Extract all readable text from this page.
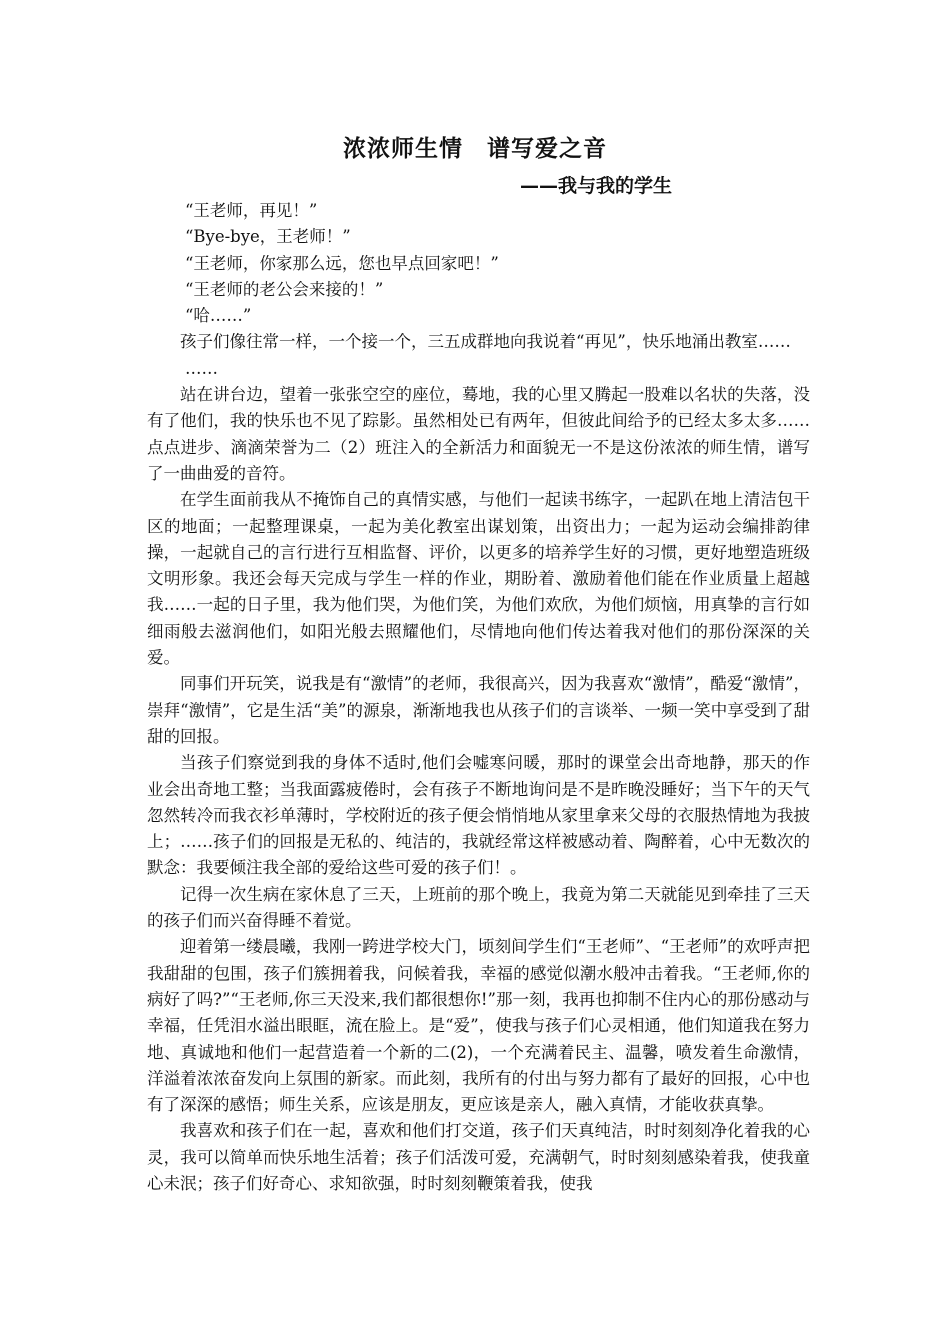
浓浓师生情　谱写爱之音
——我与我的学生

“王老师，再见！”

“Bye-bye，王老师！”

“王老师，你家那么远，您也早点回家吧！”

“王老师的老公会来接的！”

“哈……”

孩子们像往常一样，一个接一个，三五成群地向我说着“再见”，快乐地涌出教室……

……

站在讲台边，望着一张张空空的座位，蓦地，我的心里又腾起一股难以名状的失落，没有了他们，我的快乐也不见了踪影。虽然相处已有两年，但彼此间给予的已经太多太多……点点进步、滴滴荣誉为二（2）班注入的全新活力和面貌无一不是这份浓浓的师生情，谱写了一曲曲爱的音符。

在学生面前我从不掩饰自己的真情实感，与他们一起读书练字，一起趴在地上清洁包干区的地面；一起整理课桌，一起为美化教室出谋划策，出资出力；一起为运动会编排韵律操，一起就自己的言行进行互相监督、评价，以更多的培养学生好的习惯，更好地塑造班级文明形象。我还会每天完成与学生一样的作业，期盼着、激励着他们能在作业质量上超越我……一起的日子里，我为他们哭，为他们笑，为他们欢欣，为他们烦恼，用真挚的言行如细雨般去滋润他们，如阳光般去照耀他们，尽情地向他们传达着我对他们的那份深深的关爱。

同事们开玩笑，说我是有“激情”的老师，我很高兴，因为我喜欢“激情”，酷爱“激情”，崇拜“激情”，它是生活“美”的源泉，渐渐地我也从孩子们的言谈举、一频一笑中享受到了甜甜的回报。

当孩子们察觉到我的身体不适时,他们会嘘寒问暖，那时的课堂会出奇地静，那天的作业会出奇地工整；当我面露疲倦时，会有孩子不断地询问是不是昨晚没睡好；当下午的天气忽然转冷而我衣衫单薄时，学校附近的孩子便会悄悄地从家里拿来父母的衣服热情地为我披上；……孩子们的回报是无私的、纯洁的，我就经常这样被感动着、陶醉着，心中无数次的默念：我要倾注我全部的爱给这些可爱的孩子们！。

记得一次生病在家休息了三天，上班前的那个晚上，我竟为第二天就能见到牵挂了三天的孩子们而兴奋得睡不着觉。

迎着第一缕晨曦，我刚一跨进学校大门，顷刻间学生们“王老师”、“王老师”的欢呼声把我甜甜的包围，孩子们簇拥着我，问候着我，幸福的感觉似潮水般冲击着我。“王老师,你的病好了吗?”“王老师,你三天没来,我们都很想你!”那一刻，我再也抑制不住内心的那份感动与幸福，任凭泪水溢出眼眶，流在脸上。是“爱”，使我与孩子们心灵相通，他们知道我在努力地、真诚地和他们一起营造着一个新的二(2)，一个充满着民主、温馨，喷发着生命激情，洋溢着浓浓奋发向上氛围的新家。而此刻，我所有的付出与努力都有了最好的回报，心中也有了深深的感悟；师生关系，应该是朋友，更应该是亲人，融入真情，才能收获真挚。

我喜欢和孩子们在一起，喜欢和他们打交道，孩子们天真纯洁，时时刻刻净化着我的心灵，我可以简单而快乐地生活着；孩子们活泼可爱，充满朝气，时时刻刻感染着我，使我童心未泯；孩子们好奇心、求知欲强，时时刻刻鞭策着我，使我
